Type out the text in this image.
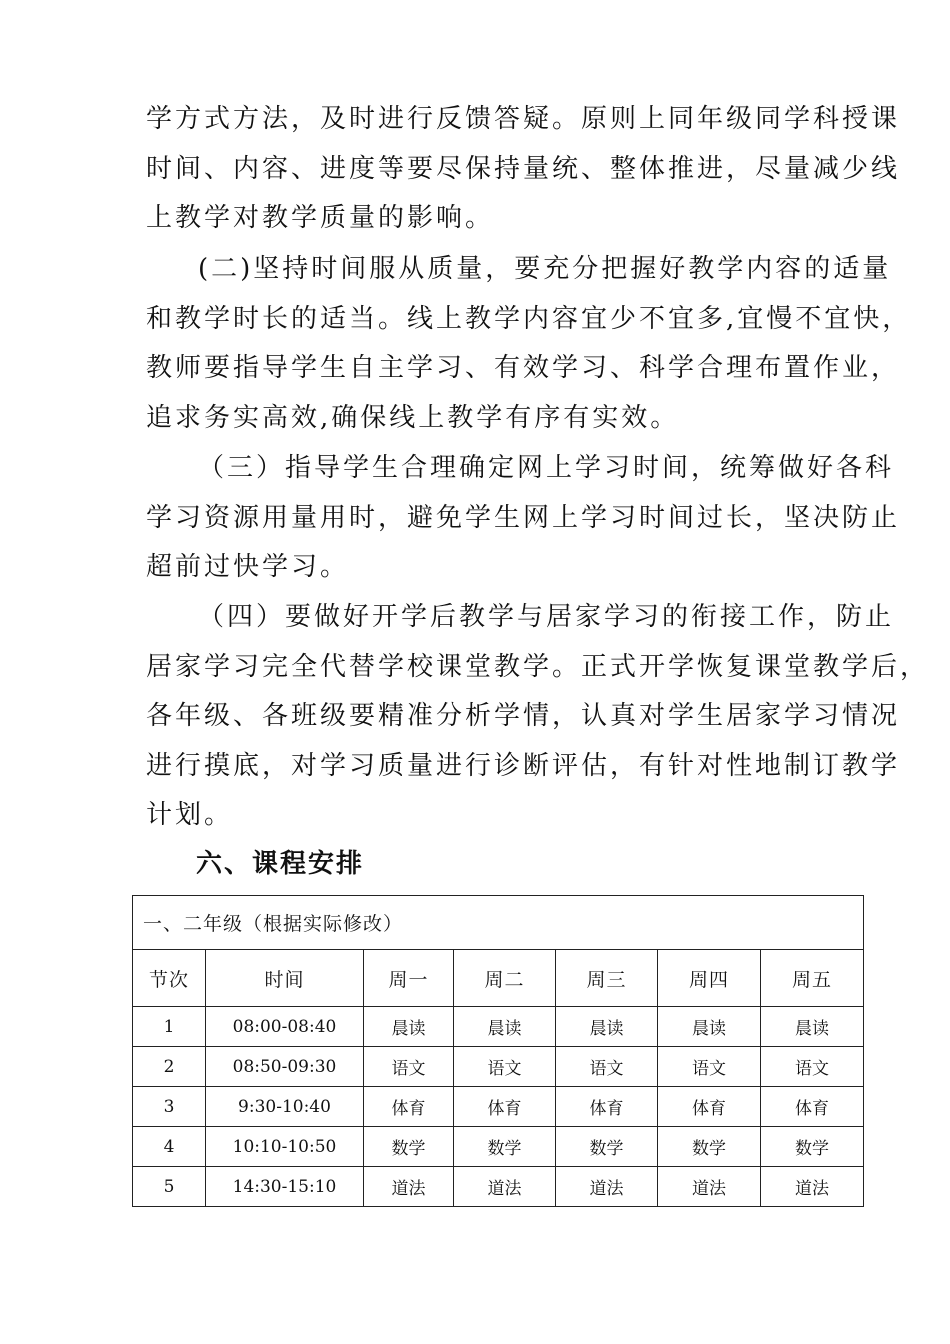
学方式方法，及时进行反馈答疑。原则上同年级同学科授课
时间、内容、进度等要尽保持量统、整体推进，尽量减少线
上教学对教学质量的影响。
(二)坚持时间服从质量，要充分把握好教学内容的适量
和教学时长的适当。线上教学内容宜少不宜多,宜慢不宜快，
教师要指导学生自主学习、有效学习、科学合理布置作业，
追求务实高效,确保线上教学有序有实效。
（三）指导学生合理确定网上学习时间，统筹做好各科
学习资源用量用时，避免学生网上学习时间过长，坚决防止
超前过快学习。
（四）要做好开学后教学与居家学习的衔接工作，防止
居家学习完全代替学校课堂教学。正式开学恢复课堂教学后，
各年级、各班级要精准分析学情，认真对学生居家学习情况
进行摸底，对学习质量进行诊断评估，有针对性地制订教学
计划。
六、课程安排
一、二年级（根据实际修改）						
节次	时间	周一	周二	周三	周四	周五
1	08:00-08:40	晨读	晨读	晨读	晨读	晨读
2	08:50-09:30	语文	语文	语文	语文	语文
3	9:30-10:40	体育	体育	体育	体育	体育
4	10:10-10:50	数学	数学	数学	数学	数学
5	14:30-15:10	道法	道法	道法	道法	道法
